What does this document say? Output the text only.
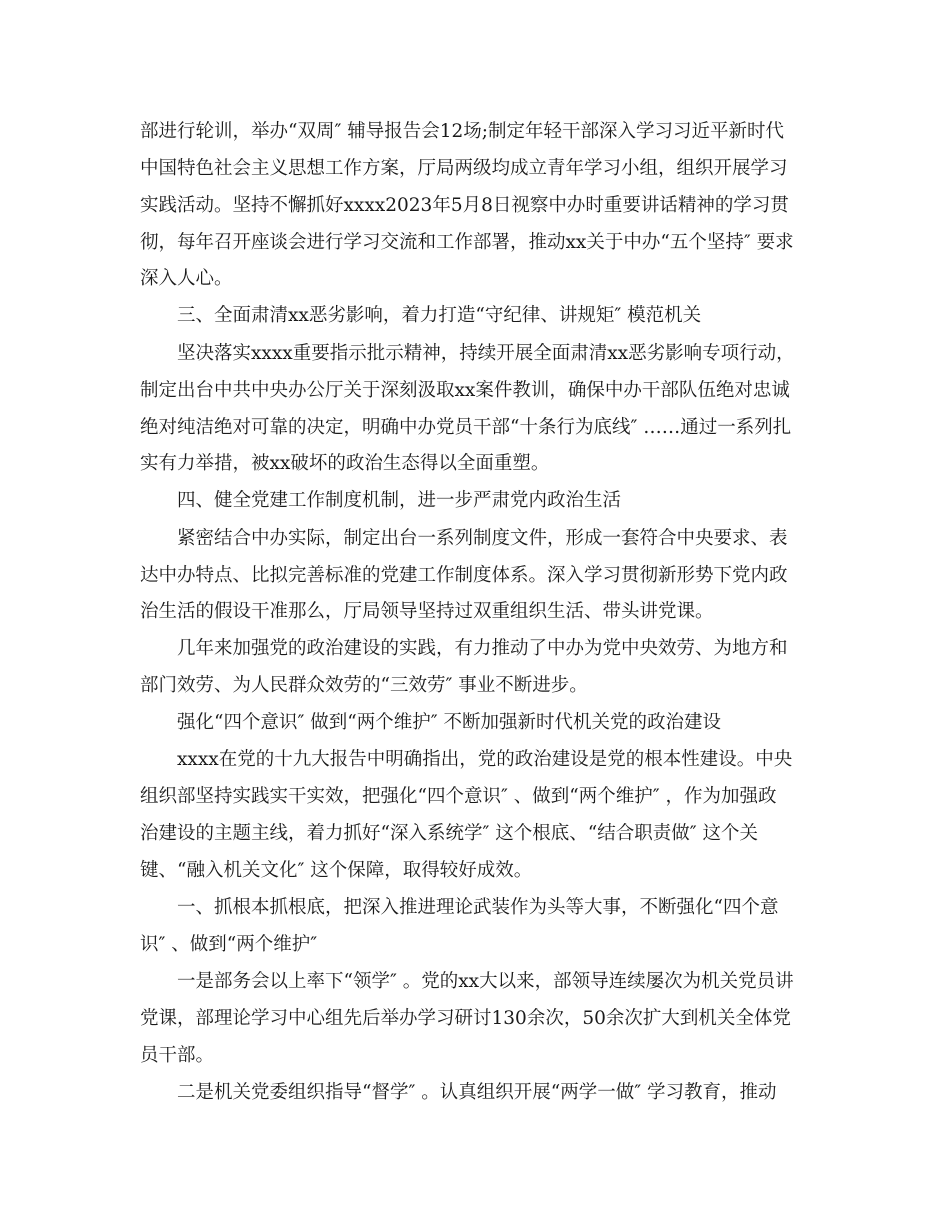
部进行轮训，举办“双周″ 辅导报告会12场;制定年轻干部深入学习习近平新时代
中国特色社会主义思想工作方案，厅局两级均成立青年学习小组，组织开展学习
实践活动。坚持不懈抓好xxxx2023年5月8日视察中办时重要讲话精神的学习贯
彻，每年召开座谈会进行学习交流和工作部署，推动xx关于中办“五个坚持″ 要求
深入人心。
三、全面肃清xx恶劣影响，着力打造“守纪律、讲规矩″ 模范机关
坚决落实xxxx重要指示批示精神，持续开展全面肃清xx恶劣影响专项行动，
制定出台中共中央办公厅关于深刻汲取xx案件教训，确保中办干部队伍绝对忠诚
绝对纯洁绝对可靠的决定，明确中办党员干部“十条行为底线″ ……通过一系列扎
实有力举措，被xx破坏的政治生态得以全面重塑。
四、健全党建工作制度机制，进一步严肃党内政治生活
紧密结合中办实际，制定出台一系列制度文件，形成一套符合中央要求、表
达中办特点、比拟完善标准的党建工作制度体系。深入学习贯彻新形势下党内政
治生活的假设干准那么，厅局领导坚持过双重组织生活、带头讲党课。
几年来加强党的政治建设的实践，有力推动了中办为党中央效劳、为地方和
部门效劳、为人民群众效劳的“三效劳″ 事业不断进步。
强化“四个意识″ 做到“两个维护″ 不断加强新时代机关党的政治建设
xxxx在党的十九大报告中明确指出，党的政治建设是党的根本性建设。中央
组织部坚持实践实干实效，把强化“四个意识″ 、做到“两个维护″ ，作为加强政
治建设的主题主线，着力抓好“深入系统学″ 这个根底、“结合职责做″ 这个关
键、“融入机关文化″ 这个保障，取得较好成效。
一、抓根本抓根底，把深入推进理论武装作为头等大事，不断强化“四个意
识″ 、做到“两个维护″
一是部务会以上率下“领学″ 。党的xx大以来，部领导连续屡次为机关党员讲
党课，部理论学习中心组先后举办学习研讨130余次，50余次扩大到机关全体党
员干部。
二是机关党委组织指导“督学″ 。认真组织开展“两学一做″ 学习教育，推动
